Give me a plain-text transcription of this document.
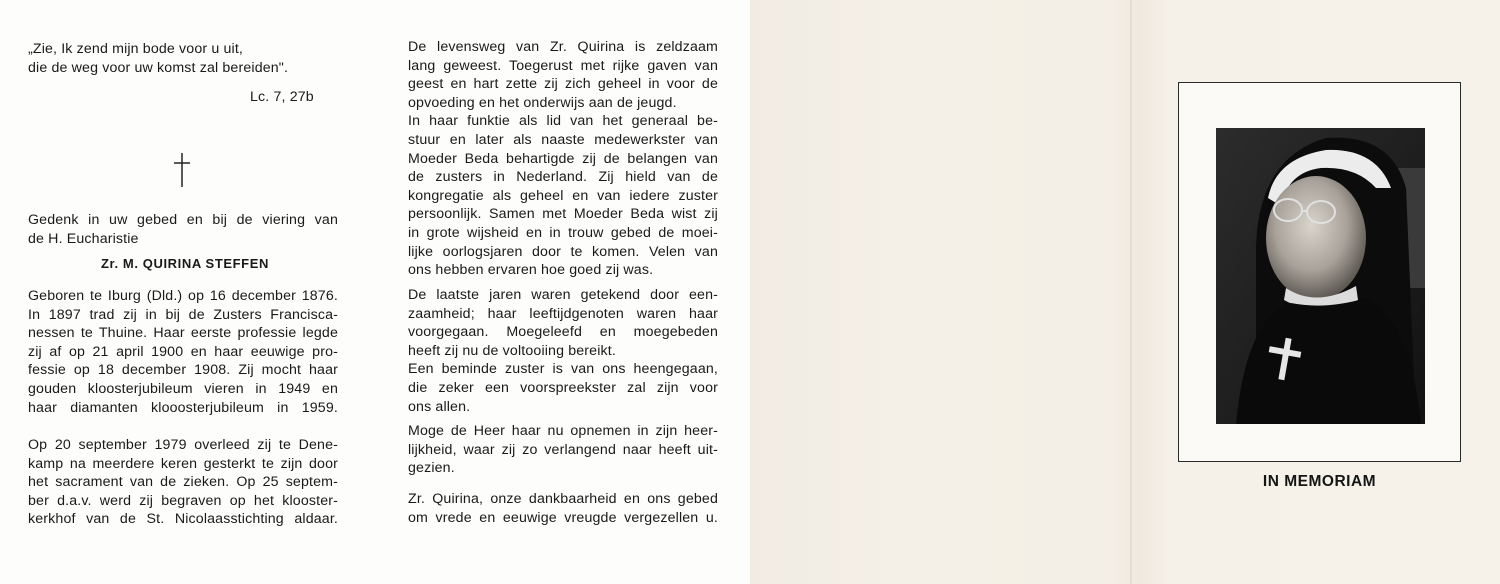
„Zie, Ik zend mijn bode voor u uit,
die de weg voor uw komst zal bereiden".
Lc. 7, 27b
Gedenk in uw gebed en bij de viering van
de H. Eucharistie
Zr. M. QUIRINA STEFFEN
Geboren te Iburg (Dld.) op 16 december 1876.
In 1897 trad zij in bij de Zusters Francisca-
nessen te Thuine. Haar eerste professie legde
zij af op 21 april 1900 en haar eeuwige pro-
fessie op 18 december 1908. Zij mocht haar
gouden kloosterjubileum vieren in 1949 en
haar diamanten klooosterjubileum in 1959.
Op 20 september 1979 overleed zij te Dene-
kamp na meerdere keren gesterkt te zijn door
het sacrament van de zieken. Op 25 septem-
ber d.a.v. werd zij begraven op het klooster-
kerkhof van de St. Nicolaasstichting aldaar.
De levensweg van Zr. Quirina is zeldzaam
lang geweest. Toegerust met rijke gaven van
geest en hart zette zij zich geheel in voor de
opvoeding en het onderwijs aan de jeugd.
In haar funktie als lid van het generaal be-
stuur en later als naaste medewerkster van
Moeder Beda behartigde zij de belangen van
de zusters in Nederland. Zij hield van de
kongregatie als geheel en van iedere zuster
persoonlijk. Samen met Moeder Beda wist zij
in grote wijsheid en in trouw gebed de moei-
lijke oorlogsjaren door te komen. Velen van
ons hebben ervaren hoe goed zij was.
De laatste jaren waren getekend door een-
zaamheid; haar leeftijdgenoten waren haar
voorgegaan. Moegeleefd en moegebeden
heeft zij nu de voltooiing bereikt.
Een beminde zuster is van ons heengegaan,
die zeker een voorspreekster zal zijn voor
ons allen.
Moge de Heer haar nu opnemen in zijn heer-
lijkheid, waar zij zo verlangend naar heeft uit-
gezien.
Zr. Quirina, onze dankbaarheid en ons gebed
om vrede en eeuwige vreugde vergezellen u.
IN MEMORIAM
